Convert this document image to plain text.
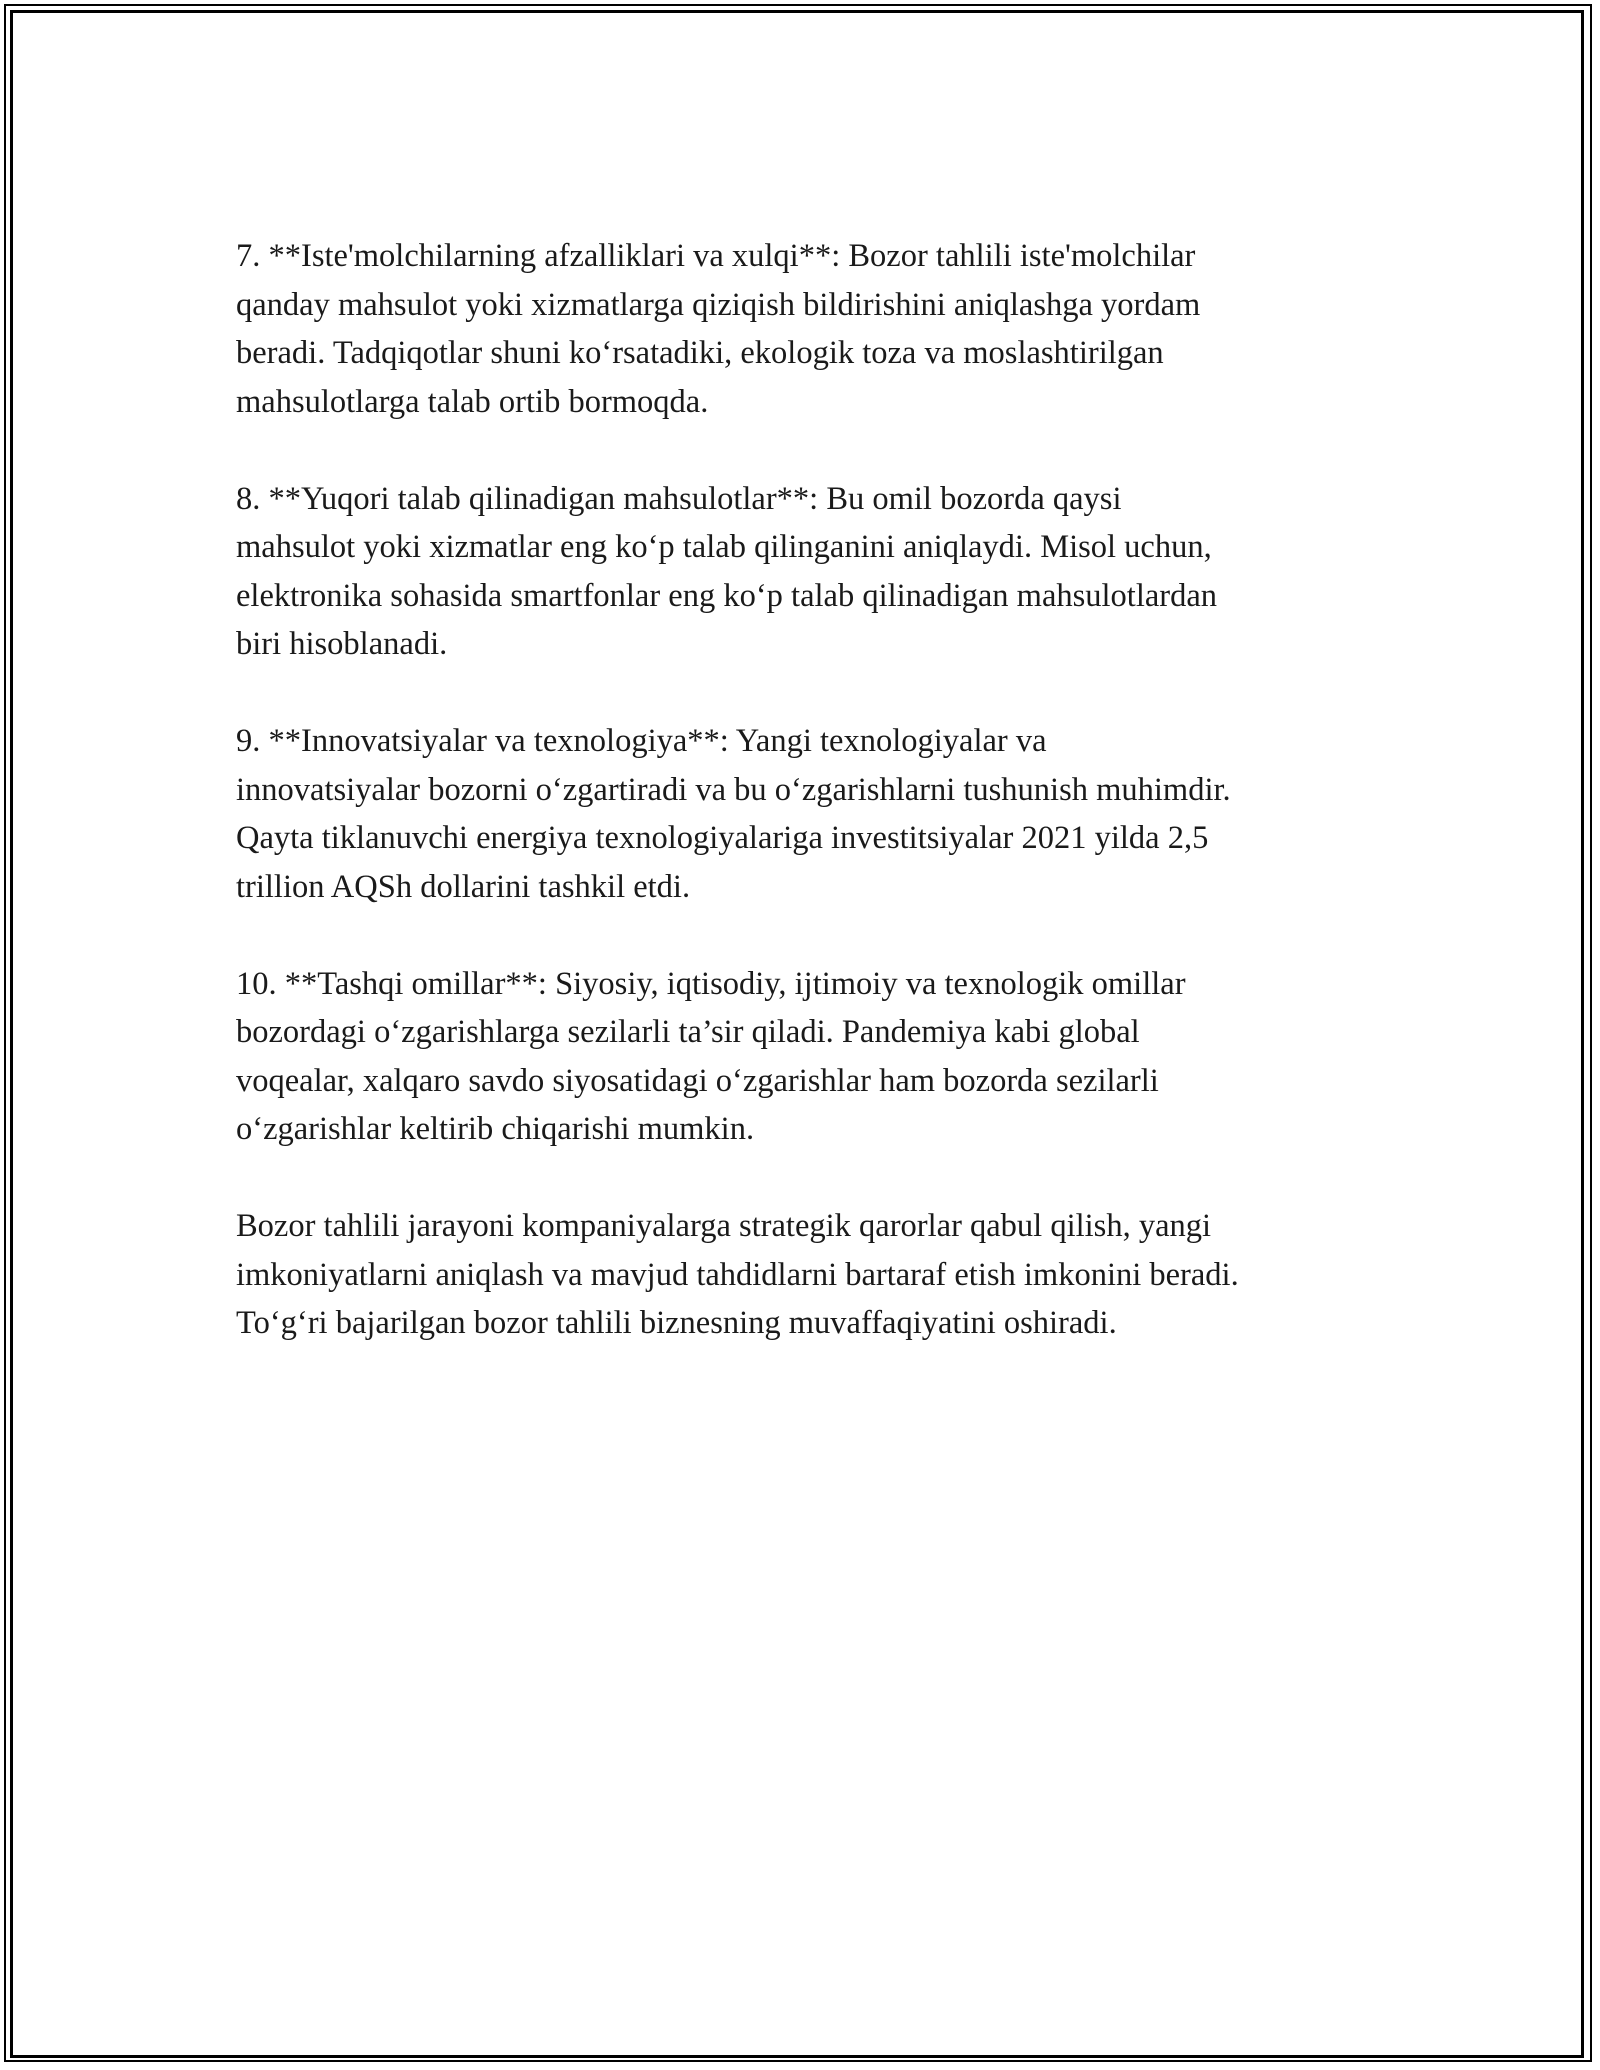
7. **Iste'molchilarning afzalliklari va xulqi**: Bozor tahlili iste'molchilar
qanday mahsulot yoki xizmatlarga qiziqish bildirishini aniqlashga yordam
beradi. Tadqiqotlar shuni koʻrsatadiki, ekologik toza va moslashtirilgan
mahsulotlarga talab ortib bormoqda.

8. **Yuqori talab qilinadigan mahsulotlar**: Bu omil bozorda qaysi
mahsulot yoki xizmatlar eng koʻp talab qilinganini aniqlaydi. Misol uchun,
elektronika sohasida smartfonlar eng koʻp talab qilinadigan mahsulotlardan
biri hisoblanadi.

9. **Innovatsiyalar va texnologiya**: Yangi texnologiyalar va
innovatsiyalar bozorni oʻzgartiradi va bu oʻzgarishlarni tushunish muhimdir.
Qayta tiklanuvchi energiya texnologiyalariga investitsiyalar 2021 yilda 2,5
trillion AQSh dollarini tashkil etdi.

10. **Tashqi omillar**: Siyosiy, iqtisodiy, ijtimoiy va texnologik omillar
bozordagi oʻzgarishlarga sezilarli ta’sir qiladi. Pandemiya kabi global
voqealar, xalqaro savdo siyosatidagi oʻzgarishlar ham bozorda sezilarli
oʻzgarishlar keltirib chiqarishi mumkin.

Bozor tahlili jarayoni kompaniyalarga strategik qarorlar qabul qilish, yangi
imkoniyatlarni aniqlash va mavjud tahdidlarni bartaraf etish imkonini beradi.
Toʻgʻri bajarilgan bozor tahlili biznesning muvaffaqiyatini oshiradi.
